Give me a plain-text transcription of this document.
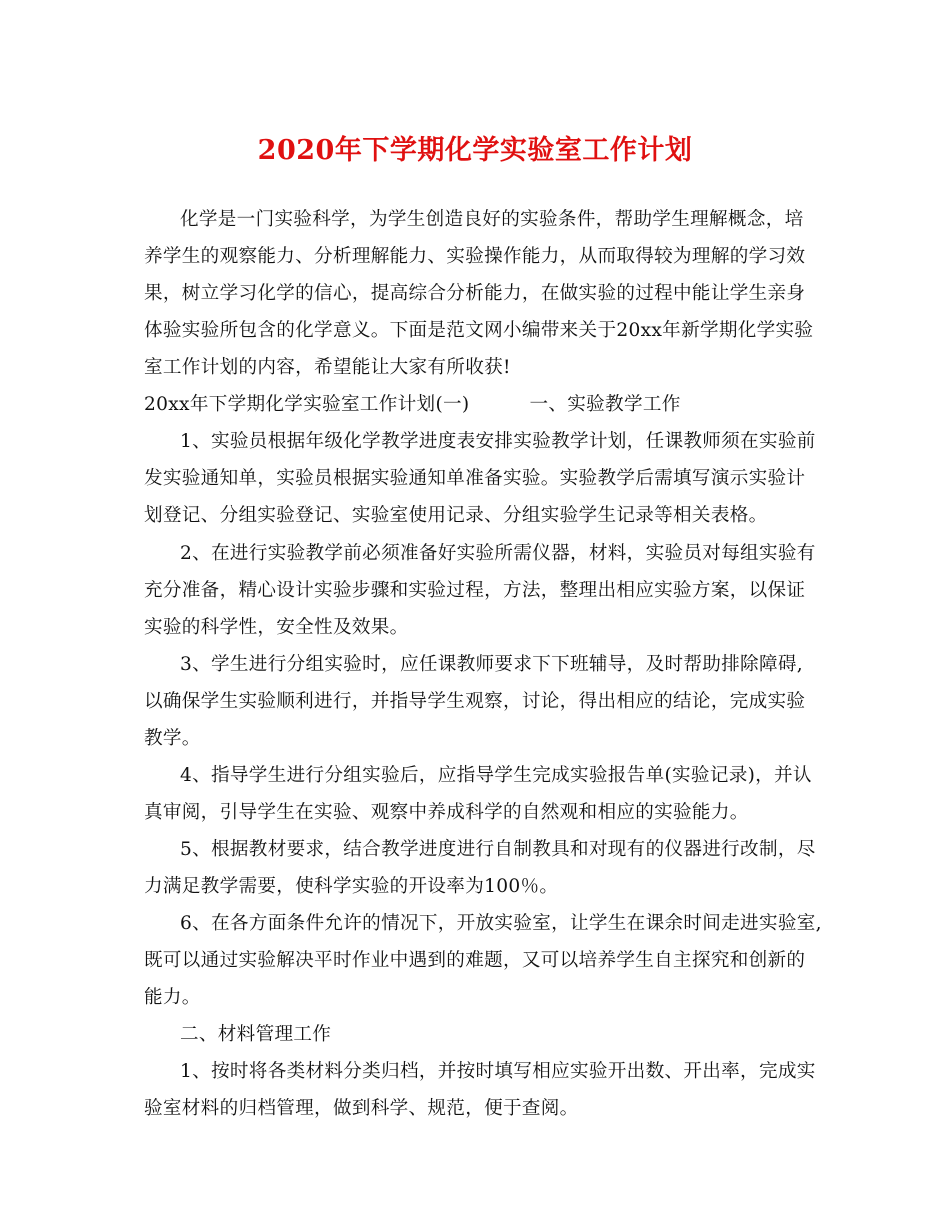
2020年下学期化学实验室工作计划
化学是一门实验科学，为学生创造良好的实验条件，帮助学生理解概念，培
养学生的观察能力、分析理解能力、实验操作能力，从而取得较为理解的学习效
果，树立学习化学的信心，提高综合分析能力，在做实验的过程中能让学生亲身
体验实验所包含的化学意义。下面是范文网小编带来关于20xx年新学期化学实验
室工作计划的内容，希望能让大家有所收获!
20xx年下学期化学实验室工作计划(一)	一、实验教学工作
1、实验员根据年级化学教学进度表安排实验教学计划，任课教师须在实验前
发实验通知单，实验员根据实验通知单准备实验。实验教学后需填写演示实验计
划登记、分组实验登记、实验室使用记录、分组实验学生记录等相关表格。
2、在进行实验教学前必须准备好实验所需仪器，材料，实验员对每组实验有
充分准备，精心设计实验步骤和实验过程，方法，整理出相应实验方案，以保证
实验的科学性，安全性及效果。
3、学生进行分组实验时，应任课教师要求下下班辅导，及时帮助排除障碍,
以确保学生实验顺利进行，并指导学生观察，讨论，得出相应的结论，完成实验
教学。
4、指导学生进行分组实验后，应指导学生完成实验报告单(实验记录)，并认
真审阅，引导学生在实验、观察中养成科学的自然观和相应的实验能力。
5、根据教材要求，结合教学进度进行自制教具和对现有的仪器进行改制，尽
力满足教学需要，使科学实验的开设率为100％。
6、在各方面条件允许的情况下，开放实验室，让学生在课余时间走进实验室,
既可以通过实验解决平时作业中遇到的难题，又可以培养学生自主探究和创新的
能力。
二、材料管理工作
1、按时将各类材料分类归档，并按时填写相应实验开出数、开出率，完成实
验室材料的归档管理，做到科学、规范，便于查阅。
